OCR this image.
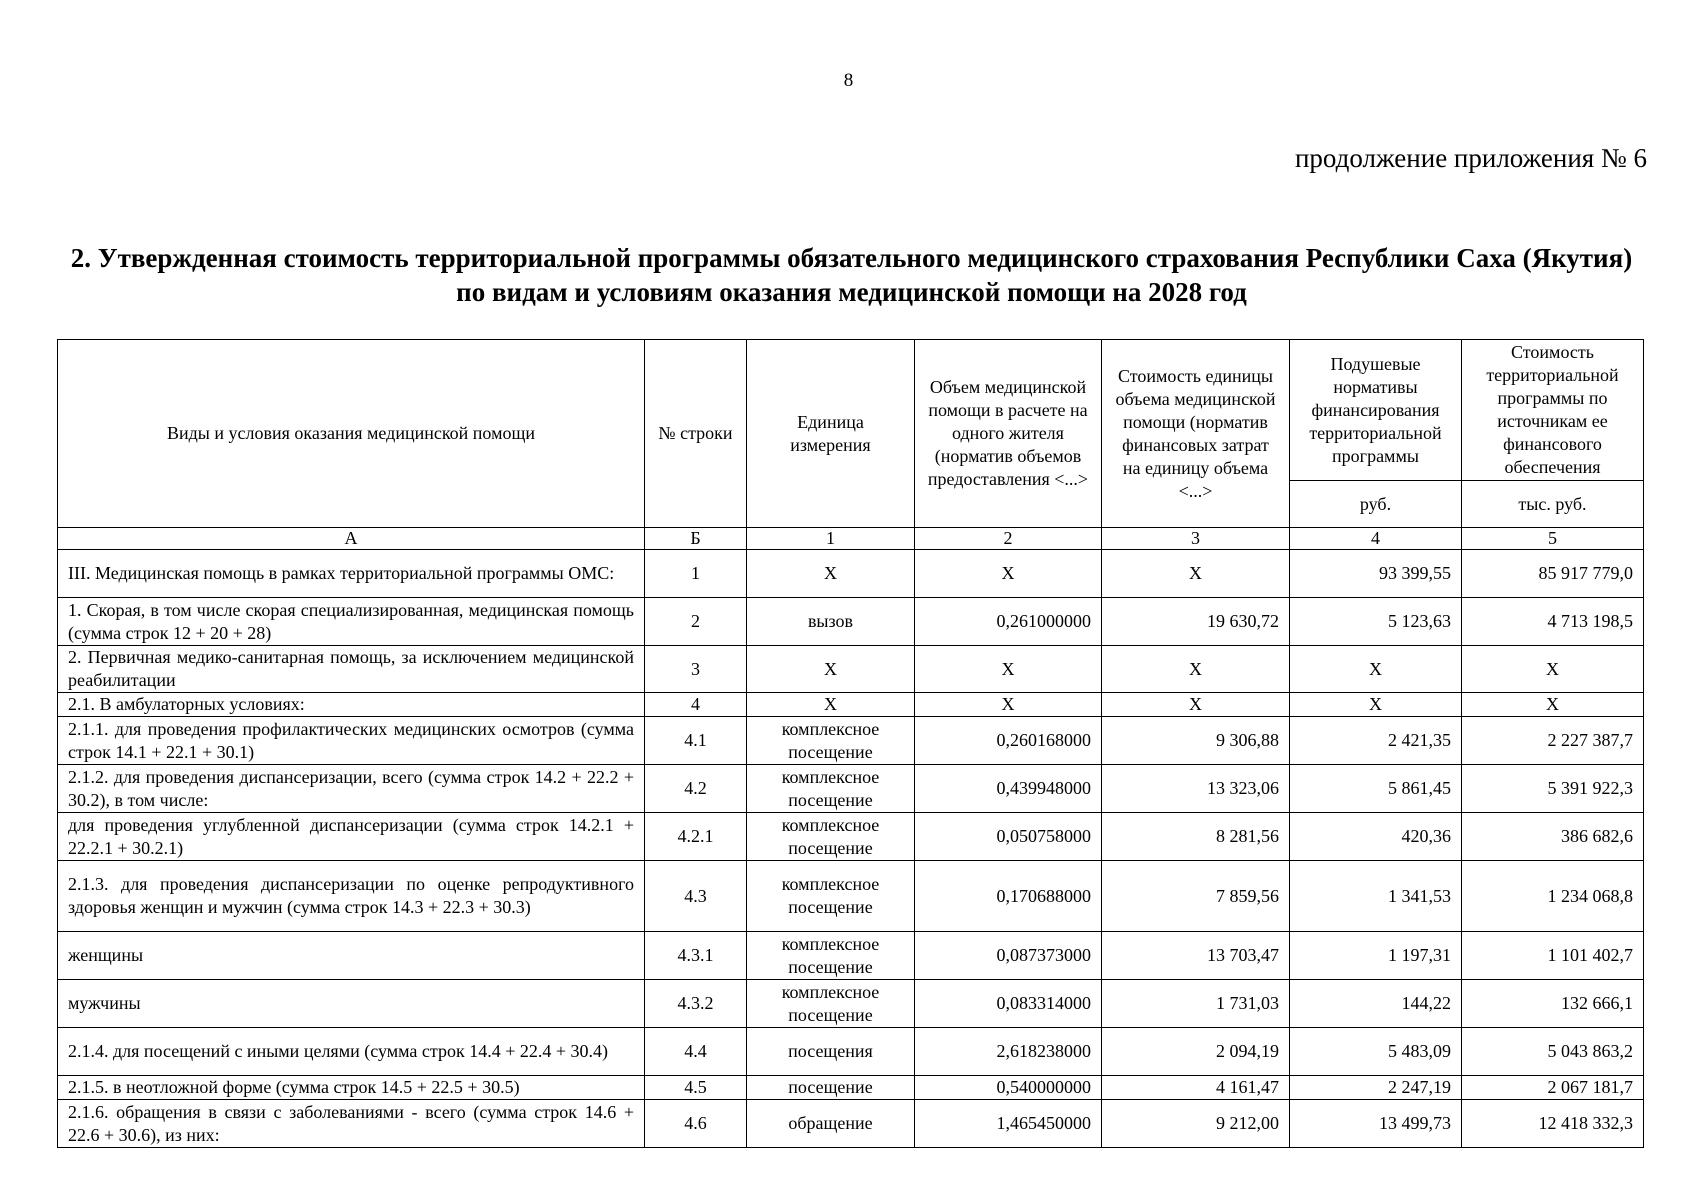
8
продолжение приложения № 6
2. Утвержденная стоимость территориальной программы обязательного медицинского страхования Республики Саха (Якутия) по видам и условиям оказания медицинской помощи на 2028 год
Виды и условия оказания медицинской помощи	№ строки	Единица измерения	Объем медицинской помощи в расчете на одного жителя (норматив объемов предоставления <...>	Стоимость единицы объема медицинской помощи (норматив финансовых затрат на единицу объема <...>	Подушевые нормативы финансирования территориальной программы	Стоимость территориальной программы по источникам ее финансового обеспечения
					руб.	тыс. руб.
А	Б	1	2	3	4	5
III. Медицинская помощь в рамках территориальной программы ОМС:	1	X	X	X	93 399,55	85 917 779,0
1. Скорая, в том числе скорая специализированная, медицинская помощь (сумма строк 12 + 20 + 28)	2	вызов	0,261000000	19 630,72	5 123,63	4 713 198,5
2. Первичная медико-санитарная помощь, за исключением медицинской реабилитации	3	X	X	X	X	X
2.1. В амбулаторных условиях:	4	X	X	X	X	X
2.1.1. для проведения профилактических медицинских осмотров (сумма строк 14.1 + 22.1 + 30.1)	4.1	комплексное посещение	0,260168000	9 306,88	2 421,35	2 227 387,7
2.1.2. для проведения диспансеризации, всего (сумма строк 14.2 + 22.2 + 30.2), в том числе:	4.2	комплексное посещение	0,439948000	13 323,06	5 861,45	5 391 922,3
для проведения углубленной диспансеризации (сумма строк 14.2.1 + 22.2.1 + 30.2.1)	4.2.1	комплексное посещение	0,050758000	8 281,56	420,36	386 682,6
2.1.3. для проведения диспансеризации по оценке репродуктивного здоровья женщин и мужчин (сумма строк 14.3 + 22.3 + 30.3)	4.3	комплексное посещение	0,170688000	7 859,56	1 341,53	1 234 068,8
женщины	4.3.1	комплексное посещение	0,087373000	13 703,47	1 197,31	1 101 402,7
мужчины	4.3.2	комплексное посещение	0,083314000	1 731,03	144,22	132 666,1
2.1.4. для посещений с иными целями (сумма строк 14.4 + 22.4 + 30.4)	4.4	посещения	2,618238000	2 094,19	5 483,09	5 043 863,2
2.1.5. в неотложной форме (сумма строк 14.5 + 22.5 + 30.5)	4.5	посещение	0,540000000	4 161,47	2 247,19	2 067 181,7
2.1.6. обращения в связи с заболеваниями - всего (сумма строк 14.6 + 22.6 + 30.6), из них:	4.6	обращение	1,465450000	9 212,00	13 499,73	12 418 332,3
